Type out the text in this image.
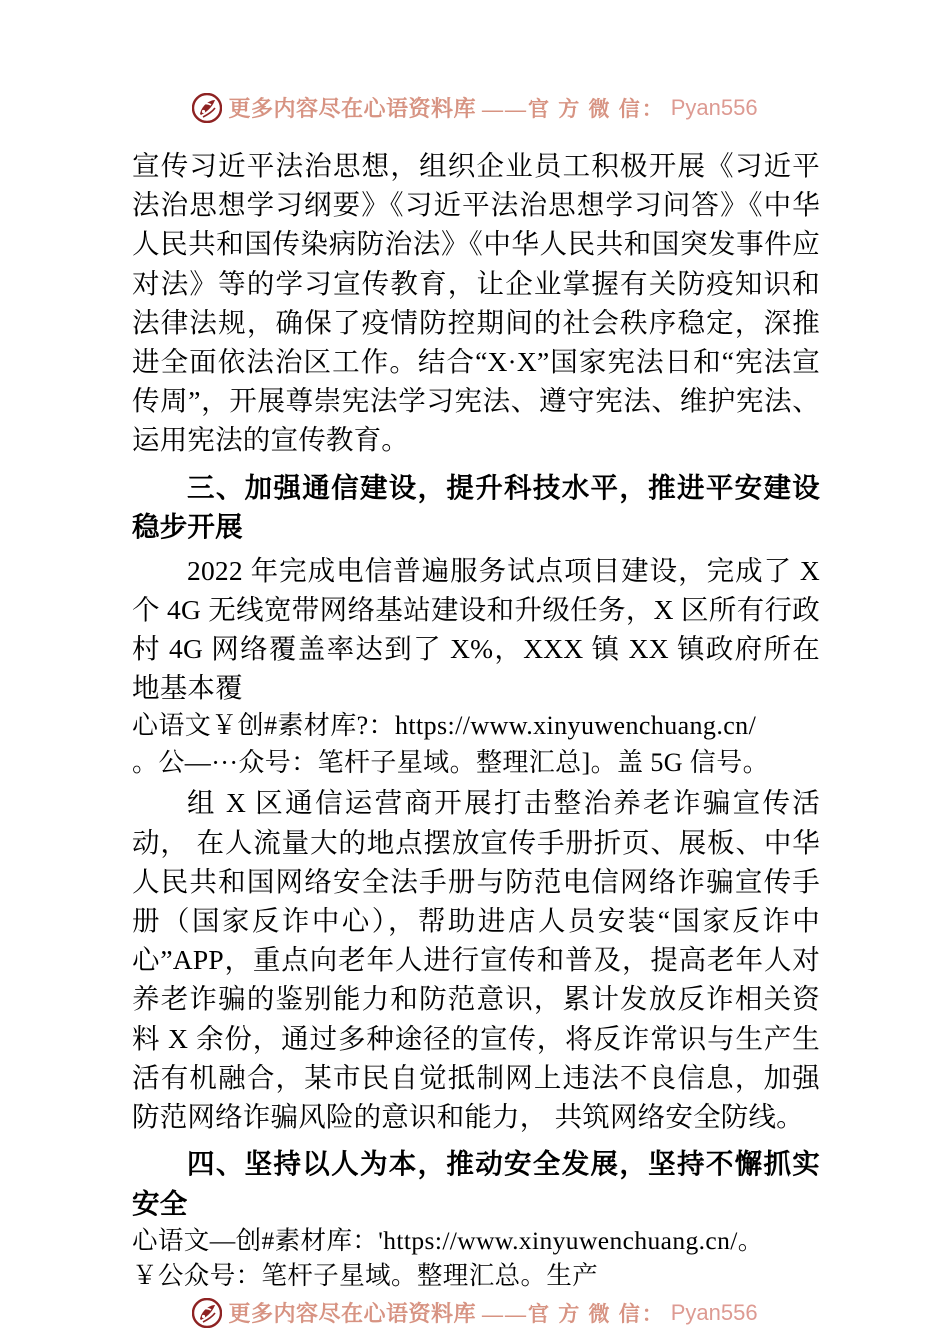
更多内容尽在心语资料库 ——官 方 微 信： Pyan556

宣传习近平法治思想，组织企业员工积极开展《习近平法治思想学习纲要》《习近平法治思想学习问答》《中华人民共和国传染病防治法》《中华人民共和国突发事件应对法》等的学习宣传教育，让企业掌握有关防疫知识和法律法规，确保了疫情防控期间的社会秩序稳定，深推进全面依法治区工作。结合“X·X”国家宪法日和“宪法宣传周”，开展尊崇宪法学习宪法、遵守宪法、维护宪法、运用宪法的宣传教育。

三、加强通信建设，提升科技水平，推进平安建设稳步开展

2022 年完成电信普遍服务试点项目建设，完成了 X 个 4G 无线宽带网络基站建设和升级任务，X 区所有行政村 4G 网络覆盖率达到了 X%，XXX 镇 XX 镇政府所在地基本覆

心语文￥创#素材库?：https://www.xinyuwenchuang.cn/

。公—···众号：笔杆子星域。整理汇总]。盖 5G 信号。

组 X 区通信运营商开展打击整治养老诈骗宣传活动， 在人流量大的地点摆放宣传手册折页、展板、中华人民共和国网络安全法手册与防范电信网络诈骗宣传手册（国家反诈中心），帮助进店人员安装“国家反诈中心”APP，重点向老年人进行宣传和普及，提高老年人对养老诈骗的鉴别能力和防范意识，累计发放反诈相关资料 X 余份，通过多种途径的宣传，将反诈常识与生产生活有机融合，某市民自觉抵制网上违法不良信息，加强防范网络诈骗风险的意识和能力， 共筑网络安全防线。

四、坚持以人为本，推动安全发展，坚持不懈抓实安全

心语文—创#素材库：'https://www.xinyuwenchuang.cn/。

￥公众号：笔杆子星域。整理汇总。生产

更多内容尽在心语资料库 ——官 方 微 信： Pyan556
